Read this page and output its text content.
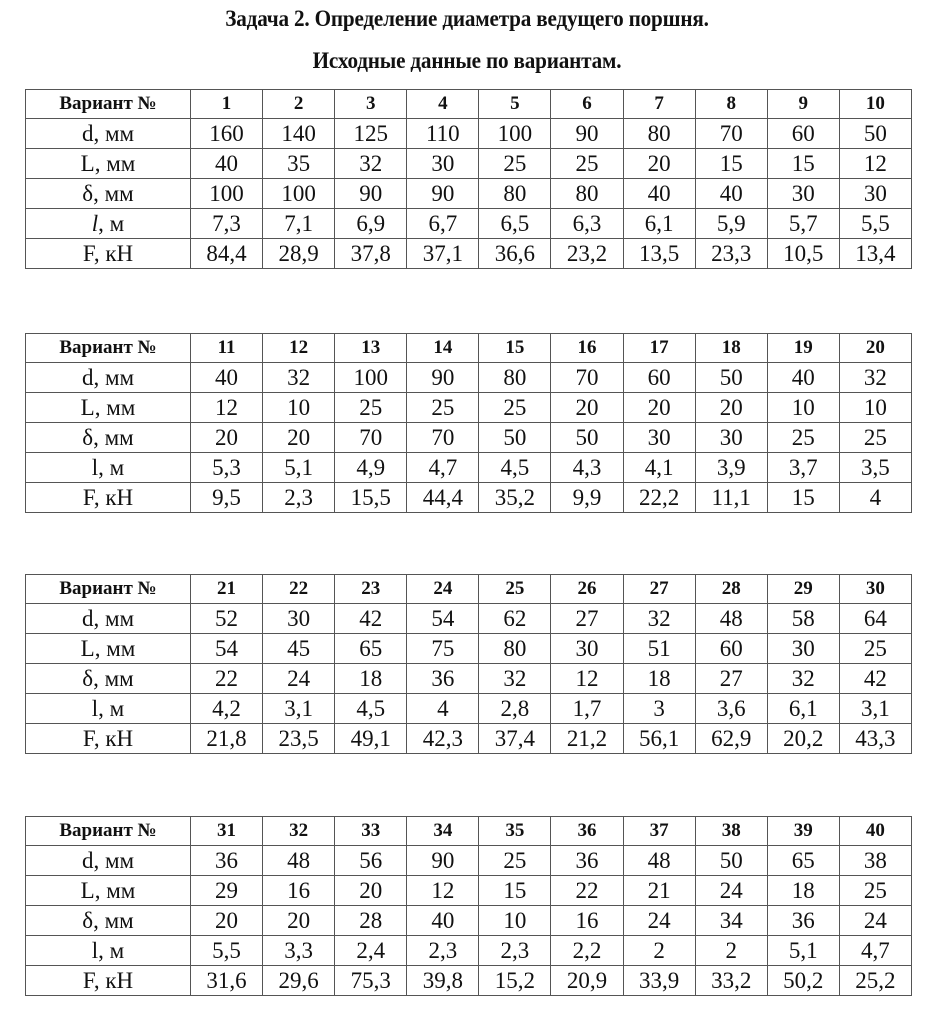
Задача 2. Определение диаметра ведущего поршня.
Исходные данные по вариантам.
Вариант №	1	2	3	4	5	6	7	8	9	10
d, мм	160	140	125	110	100	90	80	70	60	50
L, мм	40	35	32	30	25	25	20	15	15	12
δ, мм	100	100	90	90	80	80	40	40	30	30
l, м	7,3	7,1	6,9	6,7	6,5	6,3	6,1	5,9	5,7	5,5
F, кН	84,4	28,9	37,8	37,1	36,6	23,2	13,5	23,3	10,5	13,4
Вариант №	11	12	13	14	15	16	17	18	19	20
d, мм	40	32	100	90	80	70	60	50	40	32
L, мм	12	10	25	25	25	20	20	20	10	10
δ, мм	20	20	70	70	50	50	30	30	25	25
l, м	5,3	5,1	4,9	4,7	4,5	4,3	4,1	3,9	3,7	3,5
F, кН	9,5	2,3	15,5	44,4	35,2	9,9	22,2	11,1	15	4
Вариант №	21	22	23	24	25	26	27	28	29	30
d, мм	52	30	42	54	62	27	32	48	58	64
L, мм	54	45	65	75	80	30	51	60	30	25
δ, мм	22	24	18	36	32	12	18	27	32	42
l, м	4,2	3,1	4,5	4	2,8	1,7	3	3,6	6,1	3,1
F, кН	21,8	23,5	49,1	42,3	37,4	21,2	56,1	62,9	20,2	43,3
Вариант №	31	32	33	34	35	36	37	38	39	40
d, мм	36	48	56	90	25	36	48	50	65	38
L, мм	29	16	20	12	15	22	21	24	18	25
δ, мм	20	20	28	40	10	16	24	34	36	24
l, м	5,5	3,3	2,4	2,3	2,3	2,2	2	2	5,1	4,7
F, кН	31,6	29,6	75,3	39,8	15,2	20,9	33,9	33,2	50,2	25,2
